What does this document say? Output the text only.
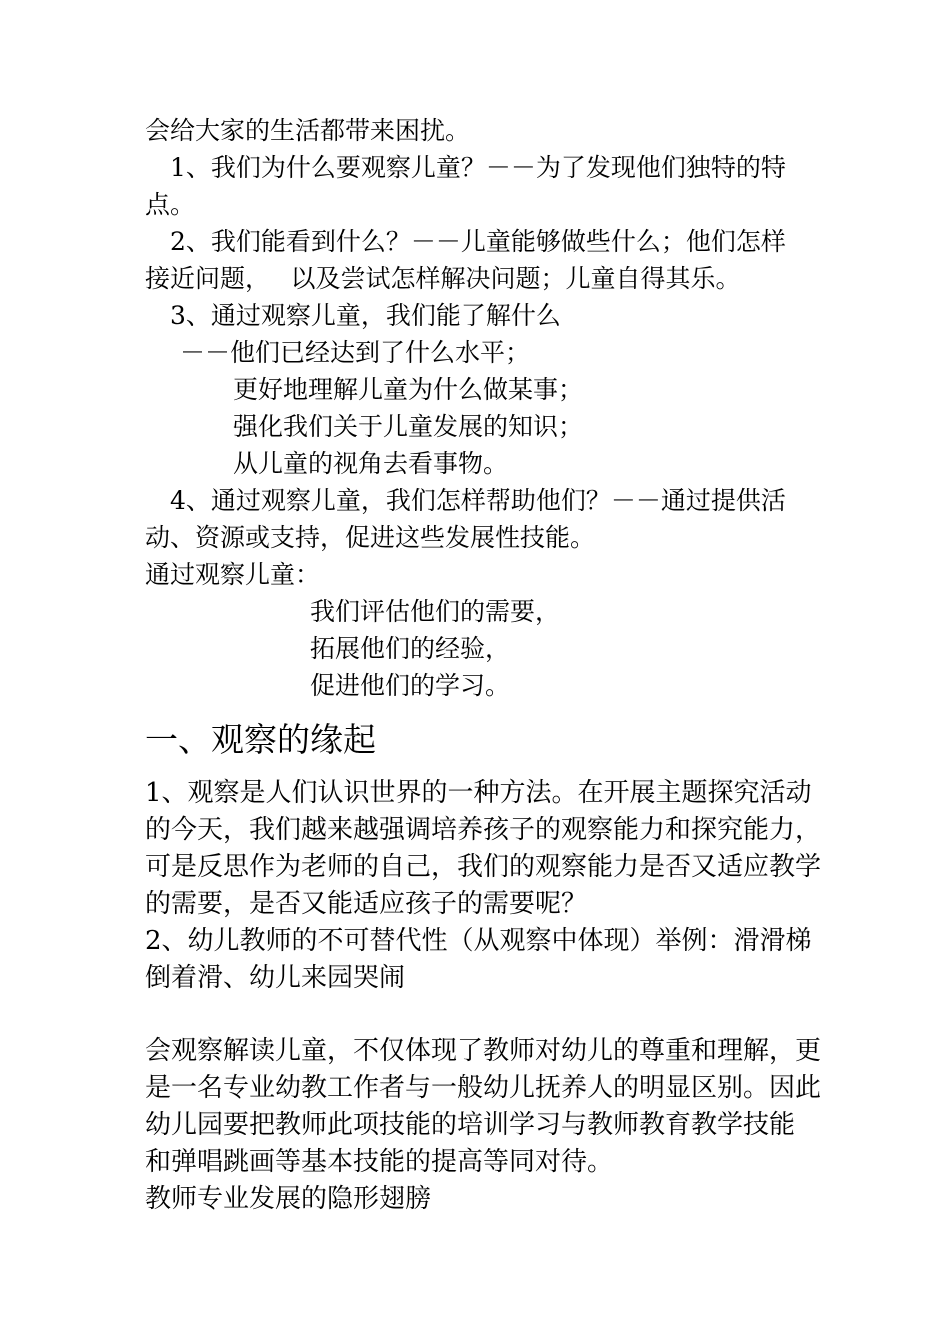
会给大家的生活都带来困扰。
1、我们为什么要观察儿童？－－为了发现他们独特的特
点。
2、我们能看到什么？－－儿童能够做些什么；他们怎样
接近问题，　 以及尝试怎样解决问题；儿童自得其乐。
3、通过观察儿童，我们能了解什么
－－他们已经达到了什么水平；
更好地理解儿童为什么做某事；
强化我们关于儿童发展的知识；
从儿童的视角去看事物。
4、通过观察儿童，我们怎样帮助他们？－－通过提供活
动、资源或支持，促进这些发展性技能。
通过观察儿童：
我们评估他们的需要，
拓展他们的经验，
促进他们的学习。
一、观察的缘起
1、观察是人们认识世界的一种方法。在开展主题探究活动
的今天，我们越来越强调培养孩子的观察能力和探究能力，
可是反思作为老师的自己，我们的观察能力是否又适应教学
的需要，是否又能适应孩子的需要呢？
2、幼儿教师的不可替代性（从观察中体现）举例：滑滑梯
倒着滑、幼儿来园哭闹
会观察解读儿童，不仅体现了教师对幼儿的尊重和理解，更
是一名专业幼教工作者与一般幼儿抚养人的明显区别。因此
幼儿园要把教师此项技能的培训学习与教师教育教学技能
和弹唱跳画等基本技能的提高等同对待。
教师专业发展的隐形翅膀
